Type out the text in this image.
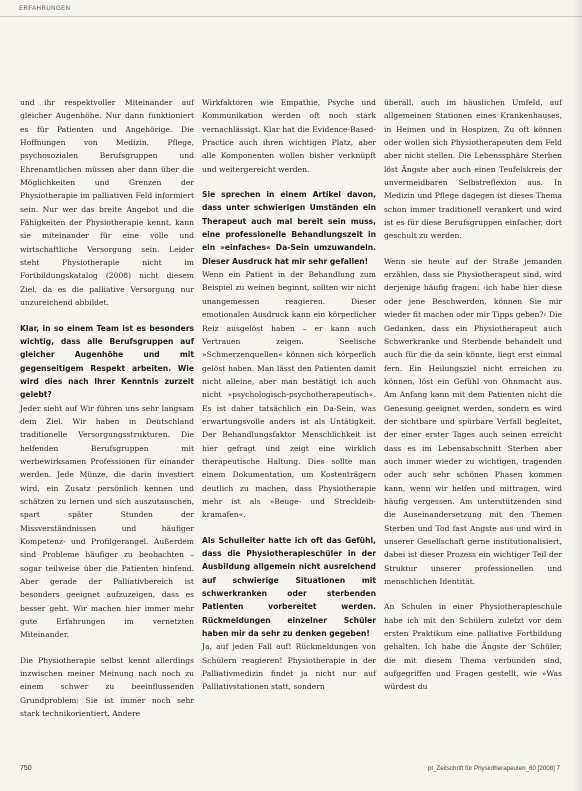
ERFAHRUNGEN

und ihr respektvoller Miteinander auf gleicher Augenhöhe. Nur dann funktioniert es für Patienten und Angehörige. Die Hoffnungen von Medizin, Pflege, psychosozialen Berufsgruppen und Ehrenamtlichen müssen aber dann über die Möglichkeiten und Grenzen der Physiotherapie im palliativen Feld informiert sein. Nur wer das breite Angebot und die Fähigkeiten der Physiotherapie kennt, kann sie miteinander für eine volle und wirtschaftliche Versorgung sein. Leider steht Physiotherapie nicht im Fortbildungskatalog (2008) nicht diesem Ziel, da es die palliative Versorgung nur unzureichend abbildet.

Klar, in so einem Team ist es besonders wichtig, dass alle Berufsgruppen auf gleicher Augenhöhe und mit gegenseitigem Respekt arbeiten. Wie wird dies nach Ihrer Kenntnis zurzeit gelebt?

Jeder sieht auf Wir führen uns sehr langsam dem Ziel. Wir haben in Deutschland traditionelle Versorgungsstrukturen. Die helfenden Berufsgruppen mit werbewirksamen Professionen für einander werden. Jede Münze, die darin investiert wird, ein Zusatz persönlich kennen und schätzen zu lernen und sich auszutauschen, spart später Stunden der Missverständnissen und häufiger Kompetenz- und Profilgerangel. Außerdem sind Probleme häufiger zu beobachten – sogar teilweise über die Patienten hinfend. Aber gerade der Palliativbereich ist besonders geeignet aufzuzeigen, dass es besser geht. Wir machen hier immer mehr gute Erfahrungen im vernetzten Miteinander.

Die Physiotherapie selbst kennt allerdings inzwischen meiner Meinung nach noch zu einem schwer zu beeinflussenden Grundproblem: Sie ist immer noch sehr stark technikorientiert. Andere

Wirkfaktoren wie Empathie, Psyche und Kommunikation werden oft noch stark vernachlässigt. Klar hat die Evidence-Based-Practice auch ihren wichtigen Platz, aber alle Komponenten wollen bisher verknüpft und weitergereicht werden.

Sie sprechen in einem Artikel davon, dass unter schwierigen Umständen ein Therapeut auch mal bereit sein muss, eine professionelle Behandlungszeit in ein »einfaches« Da-Sein umzuwandeln. Dieser Ausdruck hat mir sehr gefallen!

Wenn ein Patient in der Behandlung zum Beispiel zu weinen beginnt, sollten wir nicht unangemessen reagieren. Dieser emotionalen Ausdruck kann ein körperlicher Reiz ausgelöst haben – er kann auch Vertrauen zeigen. Seelische »Schmerzenquellen« können sich körperlich gelöst haben. Man lässt den Patienten damit nicht alleine, aber man bestätigt ich auch nicht »psychologisch-psychotherapeutisch«. Es ist daher tatsächlich ein Da-Sein, was erwartungsvolle anders ist als Untätigkeit. Der Behandlungsfaktor Menschlichkeit ist hier gefragt und zeigt eine wirklich therapeutische Haltung. Dies sollte man einem Dokumentation, um Kostenträgern deutlich zu machen, dass Physiotherapie mehr ist als »Beuge- und Streckleib-kramafen«.

Als Schulleiter hatte ich oft das Gefühl, dass die Physiotherapieschüler in der Ausbildung allgemein nicht ausreichend auf schwierige Situationen mit schwerkranken oder sterbenden Patienten vorbereitet werden. Rückmeldungen einzelner Schüler haben mir da sehr zu denken gegeben!

Ja, auf jeden Fall auf! Rückmeldungen von Schülern reagieren! Physiotherapie in der Palliativmedizin findet ja nicht nur auf Palliativstationen statt, sondern

überall, auch im häuslichen Umfeld, auf allgemeinen Stationen eines Krankenhauses, in Heimen und in Hospizen. Zu oft können oder wollen sich Physiotherapeuten dem Feld aber nicht stellen. Die Lebenssphäre Sterben löst Ängste aber auch einen Teufelskreis der unvermeidbaren Selbstreflexion aus. In Medizin und Pflege dagegen ist dieses Thema schon immer traditionell verankert und wird ist es für diese Berufsgruppen einfacher, dort geschult zu werden.

Wenn sie heute auf der Straße jemanden erzählen, dass sie Physiotherapeut sind, wird derjenige häufig fragen: ›ich habe hier diese oder jene Beschwerden, können Sie mir wieder fit machen oder mir Tipps geben?‹ Die Gedanken, dass ein Physiotherapeut auch Schwerkranke und Sterbende behandelt und auch für die da sein könnte, liegt erst einmal fern. Ein Heilungsziel nicht erreichen zu können, löst ein Gefühl von Ohnmacht aus. Am Anfang kann mit dem Patienten nicht die Genesung geeignet werden, sondern es wird der sichtbare und spürbare Verfall begleitet, der einer erster Tages auch seinen erreicht dass es im Lebensabschnitt Sterben aber auch immer wieder zu wichtigen, tragenden oder auch sehr schönen Phasen kommen kann, wenn wir helfen und mittragen, wird häufig vergessen. Am unterstützenden sind die Auseinandersetzung mit den Themen Sterben und Tod fast Angste aus und wird in unserer Gesellschaft gerne institutionalisiert, dabei ist dieser Prozess ein wichtiger Teil der Struktur unserer professionellen und menschlichen Identität.

An Schulen in einer Physiotherapieschule habe ich mit den Schülern zuletzt vor dem ersten Praktikum eine palliative Fortbildung gehalten. Ich habe die Ängste der Schüler, die mit diesem Thema verbunden sind, aufgegriffen und Fragen gestellt, wie »Was würdest du

750	pt_Zeitschrift für Physiotherapeuten_60 [2008] 7
